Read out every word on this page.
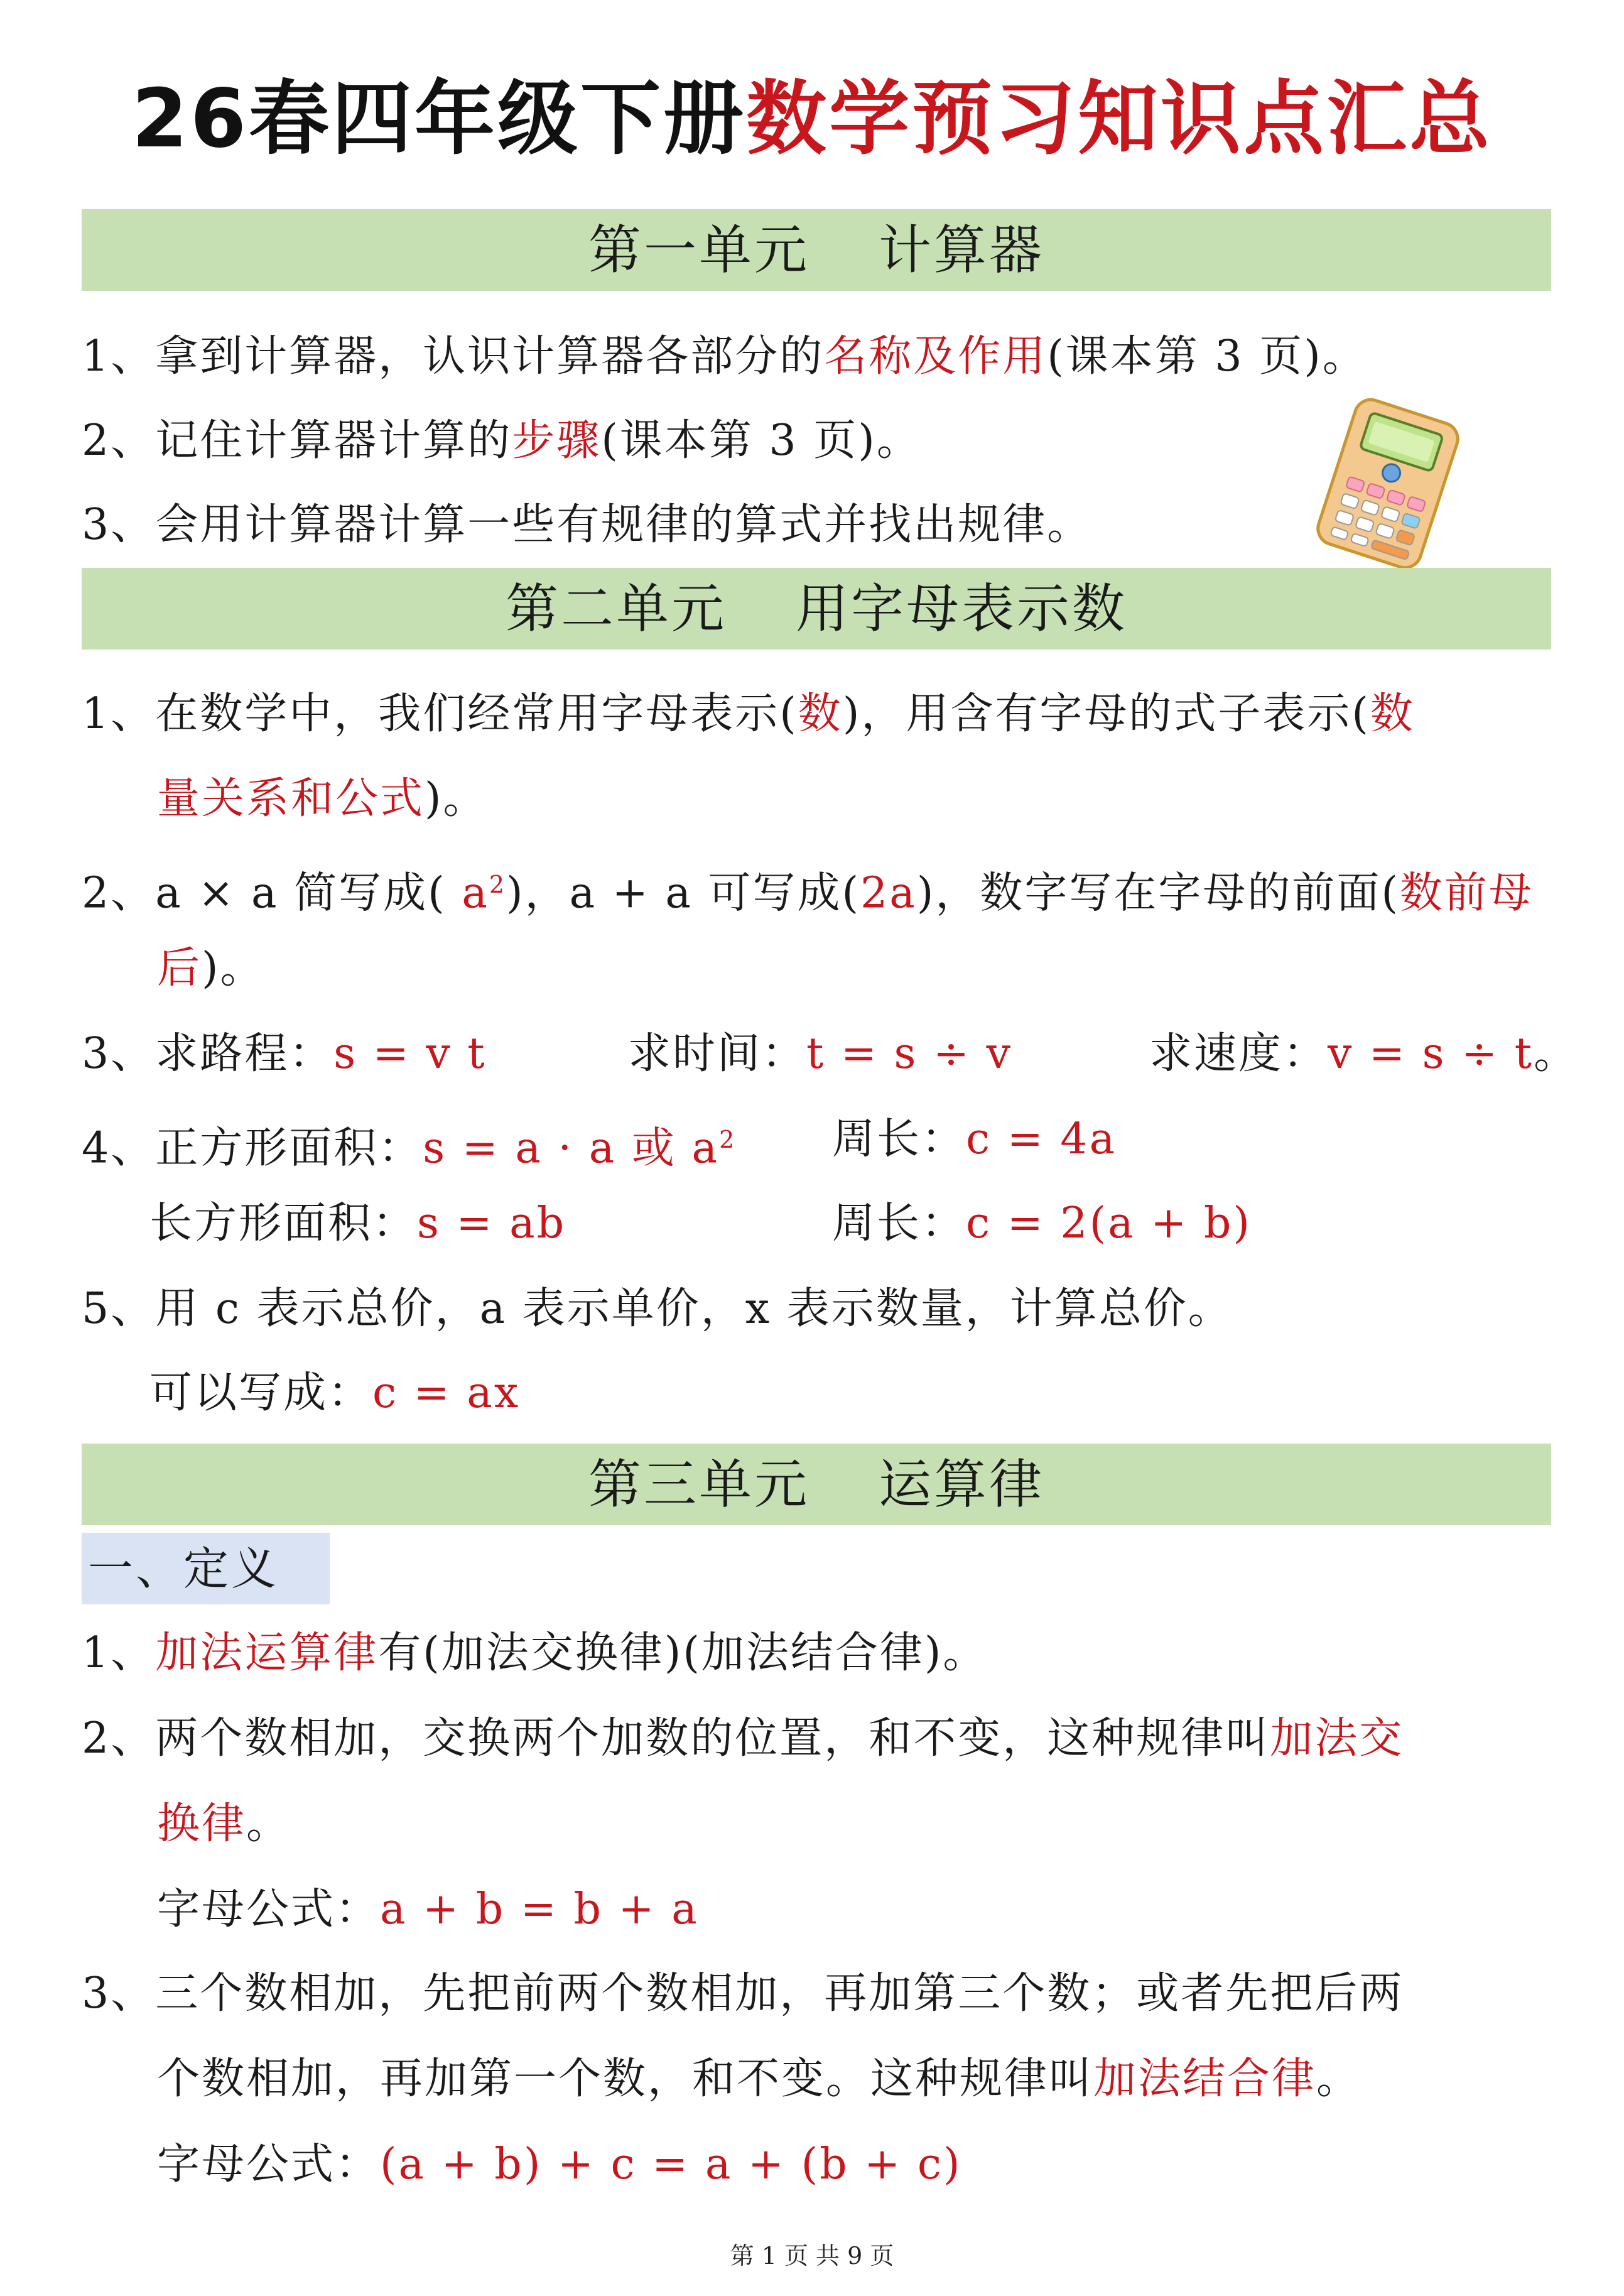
26春四年级下册数学预习知识点汇总
第一单元 计算器
1、拿到计算器，认识计算器各部分的名称及作用(课本第 3 页)。
2、记住计算器计算的步骤(课本第 3 页)。
3、会用计算器计算一些有规律的算式并找出规律。
第二单元 用字母表示数
1、在数学中，我们经常用字母表示(数)，用含有字母的式子表示(数
量关系和公式)。
2、a × a 简写成( $a^2$)，a + a 可写成(2a)，数字写在字母的前面(数前母
后)。
3、求路程：s = v t	求时间：t = s ÷ v	求速度：v = s ÷ t。
4、正方形面积：s = a · a 或 $a^2$ 周长：c = 4a
长方形面积：s = ab	周长：c = 2(a + b)
5、用 c 表示总价，a 表示单价，x 表示数量，计算总价。
可以写成：c = ax
第三单元 运算律
一、定义
1、加法运算律有(加法交换律)(加法结合律)。
2、两个数相加，交换两个加数的位置，和不变，这种规律叫加法交
换律。
字母公式：a + b = b + a
3、三个数相加，先把前两个数相加，再加第三个数；或者先把后两
个数相加，再加第一个数，和不变。这种规律叫加法结合律。
字母公式：(a + b) + c = a + (b + c)
第 1 页 共 9 页
